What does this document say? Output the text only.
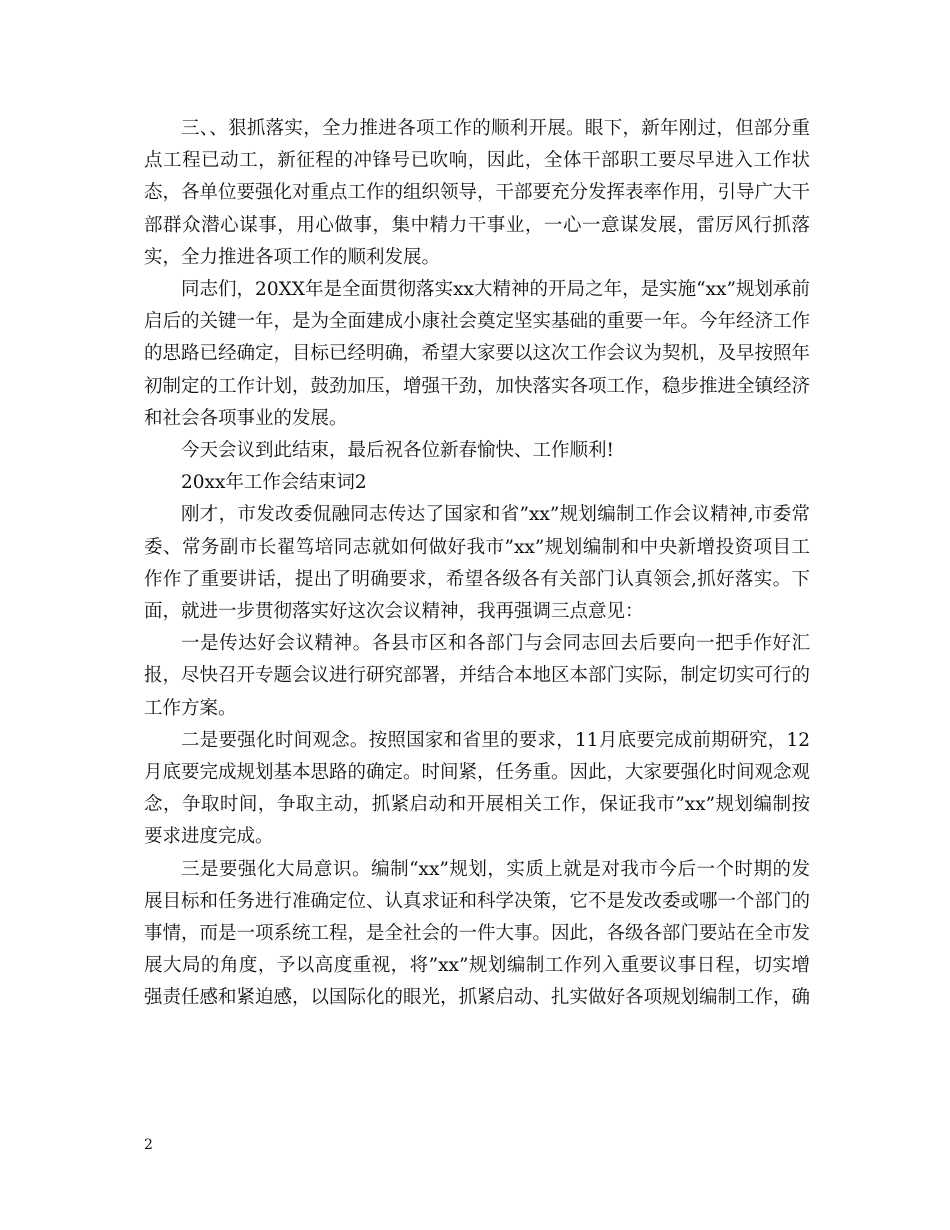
三、、狠抓落实，全力推进各项工作的顺利开展。眼下，新年刚过，但部分重点工程已动工，新征程的冲锋号已吹响，因此，全体干部职工要尽早进入工作状态，各单位要强化对重点工作的组织领导，干部要充分发挥表率作用，引导广大干部群众潜心谋事，用心做事，集中精力干事业，一心一意谋发展，雷厉风行抓落实，全力推进各项工作的顺利发展。

同志们，20XX年是全面贯彻落实xx大精神的开局之年，是实施“xx”规划承前启后的关键一年，是为全面建成小康社会奠定坚实基础的重要一年。今年经济工作的思路已经确定，目标已经明确，希望大家要以这次工作会议为契机，及早按照年初制定的工作计划，鼓劲加压，增强干劲，加快落实各项工作，稳步推进全镇经济和社会各项事业的发展。

今天会议到此结束，最后祝各位新春愉快、工作顺利!

20xx年工作会结束词2

刚才，市发改委侃融同志传达了国家和省”xx”规划编制工作会议精神,市委常委、常务副市长翟笃培同志就如何做好我市”xx”规划编制和中央新增投资项目工作作了重要讲话，提出了明确要求，希望各级各有关部门认真领会,抓好落实。下面，就进一步贯彻落实好这次会议精神，我再强调三点意见：

一是传达好会议精神。各县市区和各部门与会同志回去后要向一把手作好汇报，尽快召开专题会议进行研究部署，并结合本地区本部门实际，制定切实可行的工作方案。

二是要强化时间观念。按照国家和省里的要求，11月底要完成前期研究，12月底要完成规划基本思路的确定。时间紧，任务重。因此，大家要强化时间观念观念，争取时间，争取主动，抓紧启动和开展相关工作，保证我市”xx”规划编制按要求进度完成。

三是要强化大局意识。编制“xx”规划，实质上就是对我市今后一个时期的发展目标和任务进行准确定位、认真求证和科学决策，它不是发改委或哪一个部门的事情，而是一项系统工程，是全社会的一件大事。因此，各级各部门要站在全市发展大局的角度，予以高度重视，将”xx”规划编制工作列入重要议事日程，切实增强责任感和紧迫感，以国际化的眼光，抓紧启动、扎实做好各项规划编制工作，确

2
